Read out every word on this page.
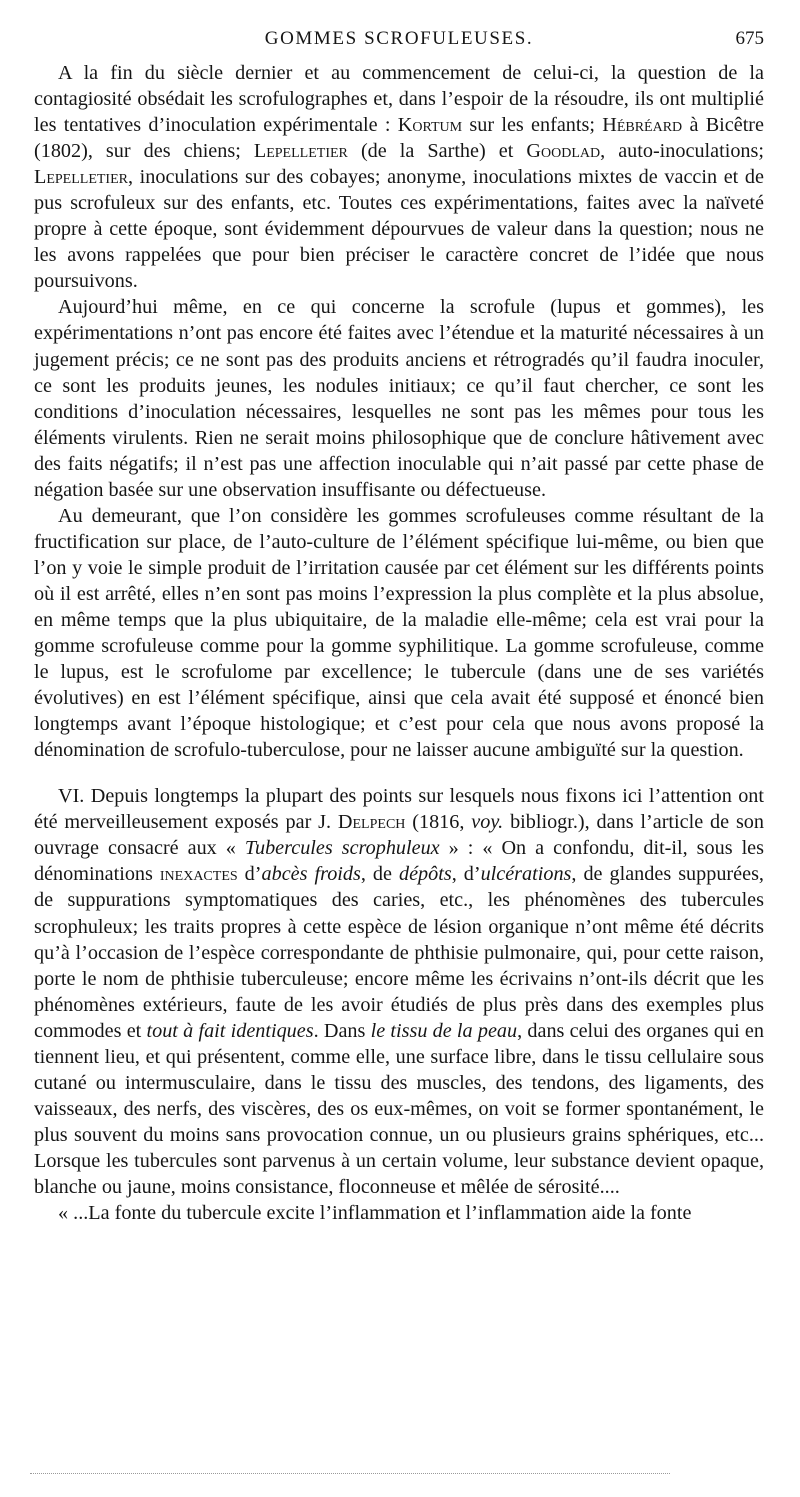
GOMMES SCROFULEUSES.	675

A la fin du siècle dernier et au commencement de celui-ci, la question de la contagiosité obsédait les scrofulographes et, dans l’espoir de la résoudre, ils ont multiplié les tentatives d’inoculation expérimentale : Kortum sur les enfants; Hébréard à Bicêtre (1802), sur des chiens; Lepelletier (de la Sarthe) et Goodlad, auto-inoculations; Lepelletier, inoculations sur des cobayes; anonyme, inoculations mixtes de vaccin et de pus scrofuleux sur des enfants, etc. Toutes ces expérimentations, faites avec la naïveté propre à cette époque, sont évidemment dépourvues de valeur dans la question; nous ne les avons rappelées que pour bien préciser le caractère concret de l’idée que nous poursuivons.

Aujourd’hui même, en ce qui concerne la scrofule (lupus et gommes), les expérimentations n’ont pas encore été faites avec l’étendue et la maturité nécessaires à un jugement précis; ce ne sont pas des produits anciens et rétrogradés qu’il faudra inoculer, ce sont les produits jeunes, les nodules initiaux; ce qu’il faut chercher, ce sont les conditions d’inoculation nécessaires, lesquelles ne sont pas les mêmes pour tous les éléments virulents. Rien ne serait moins philosophique que de conclure hâtivement avec des faits négatifs; il n’est pas une affection inoculable qui n’ait passé par cette phase de négation basée sur une observation insuffisante ou défectueuse.

Au demeurant, que l’on considère les gommes scrofuleuses comme résultant de la fructification sur place, de l’auto-culture de l’élément spécifique lui-même, ou bien que l’on y voie le simple produit de l’irritation causée par cet élément sur les différents points où il est arrêté, elles n’en sont pas moins l’expression la plus complète et la plus absolue, en même temps que la plus ubiquitaire, de la maladie elle-même; cela est vrai pour la gomme scrofuleuse comme pour la gomme syphilitique. La gomme scrofuleuse, comme le lupus, est le scrofulome par excellence; le tubercule (dans une de ses variétés évolutives) en est l’élément spécifique, ainsi que cela avait été supposé et énoncé bien longtemps avant l’époque histologique; et c’est pour cela que nous avons proposé la dénomination de scrofulo-tuberculose, pour ne laisser aucune ambiguïté sur la question.

VI. Depuis longtemps la plupart des points sur lesquels nous fixons ici l’attention ont été merveilleusement exposés par J. Delpech (1816, voy. bibliogr.), dans l’article de son ouvrage consacré aux « Tubercules scrophuleux » : « On a confondu, dit-il, sous les dénominations inexactes d’abcès froids, de dépôts, d’ulcérations, de glandes suppurées, de suppurations symptomatiques des caries, etc., les phénomènes des tubercules scrophuleux; les traits propres à cette espèce de lésion organique n’ont même été décrits qu’à l’occasion de l’espèce correspondante de phthisie pulmonaire, qui, pour cette raison, porte le nom de phthisie tuberculeuse; encore même les écrivains n’ont-ils décrit que les phénomènes extérieurs, faute de les avoir étudiés de plus près dans des exemples plus commodes et tout à fait identiques. Dans le tissu de la peau, dans celui des organes qui en tiennent lieu, et qui présentent, comme elle, une surface libre, dans le tissu cellulaire sous cutané ou intermusculaire, dans le tissu des muscles, des tendons, des ligaments, des vaisseaux, des nerfs, des viscères, des os eux-mêmes, on voit se former spontanément, le plus souvent du moins sans provocation connue, un ou plusieurs grains sphériques, etc... Lorsque les tubercules sont parvenus à un certain volume, leur substance devient opaque, blanche ou jaune, moins consistance, floconneuse et mêlée de sérosité....

« ...La fonte du tubercule excite l’inflammation et l’inflammation aide la fonte
